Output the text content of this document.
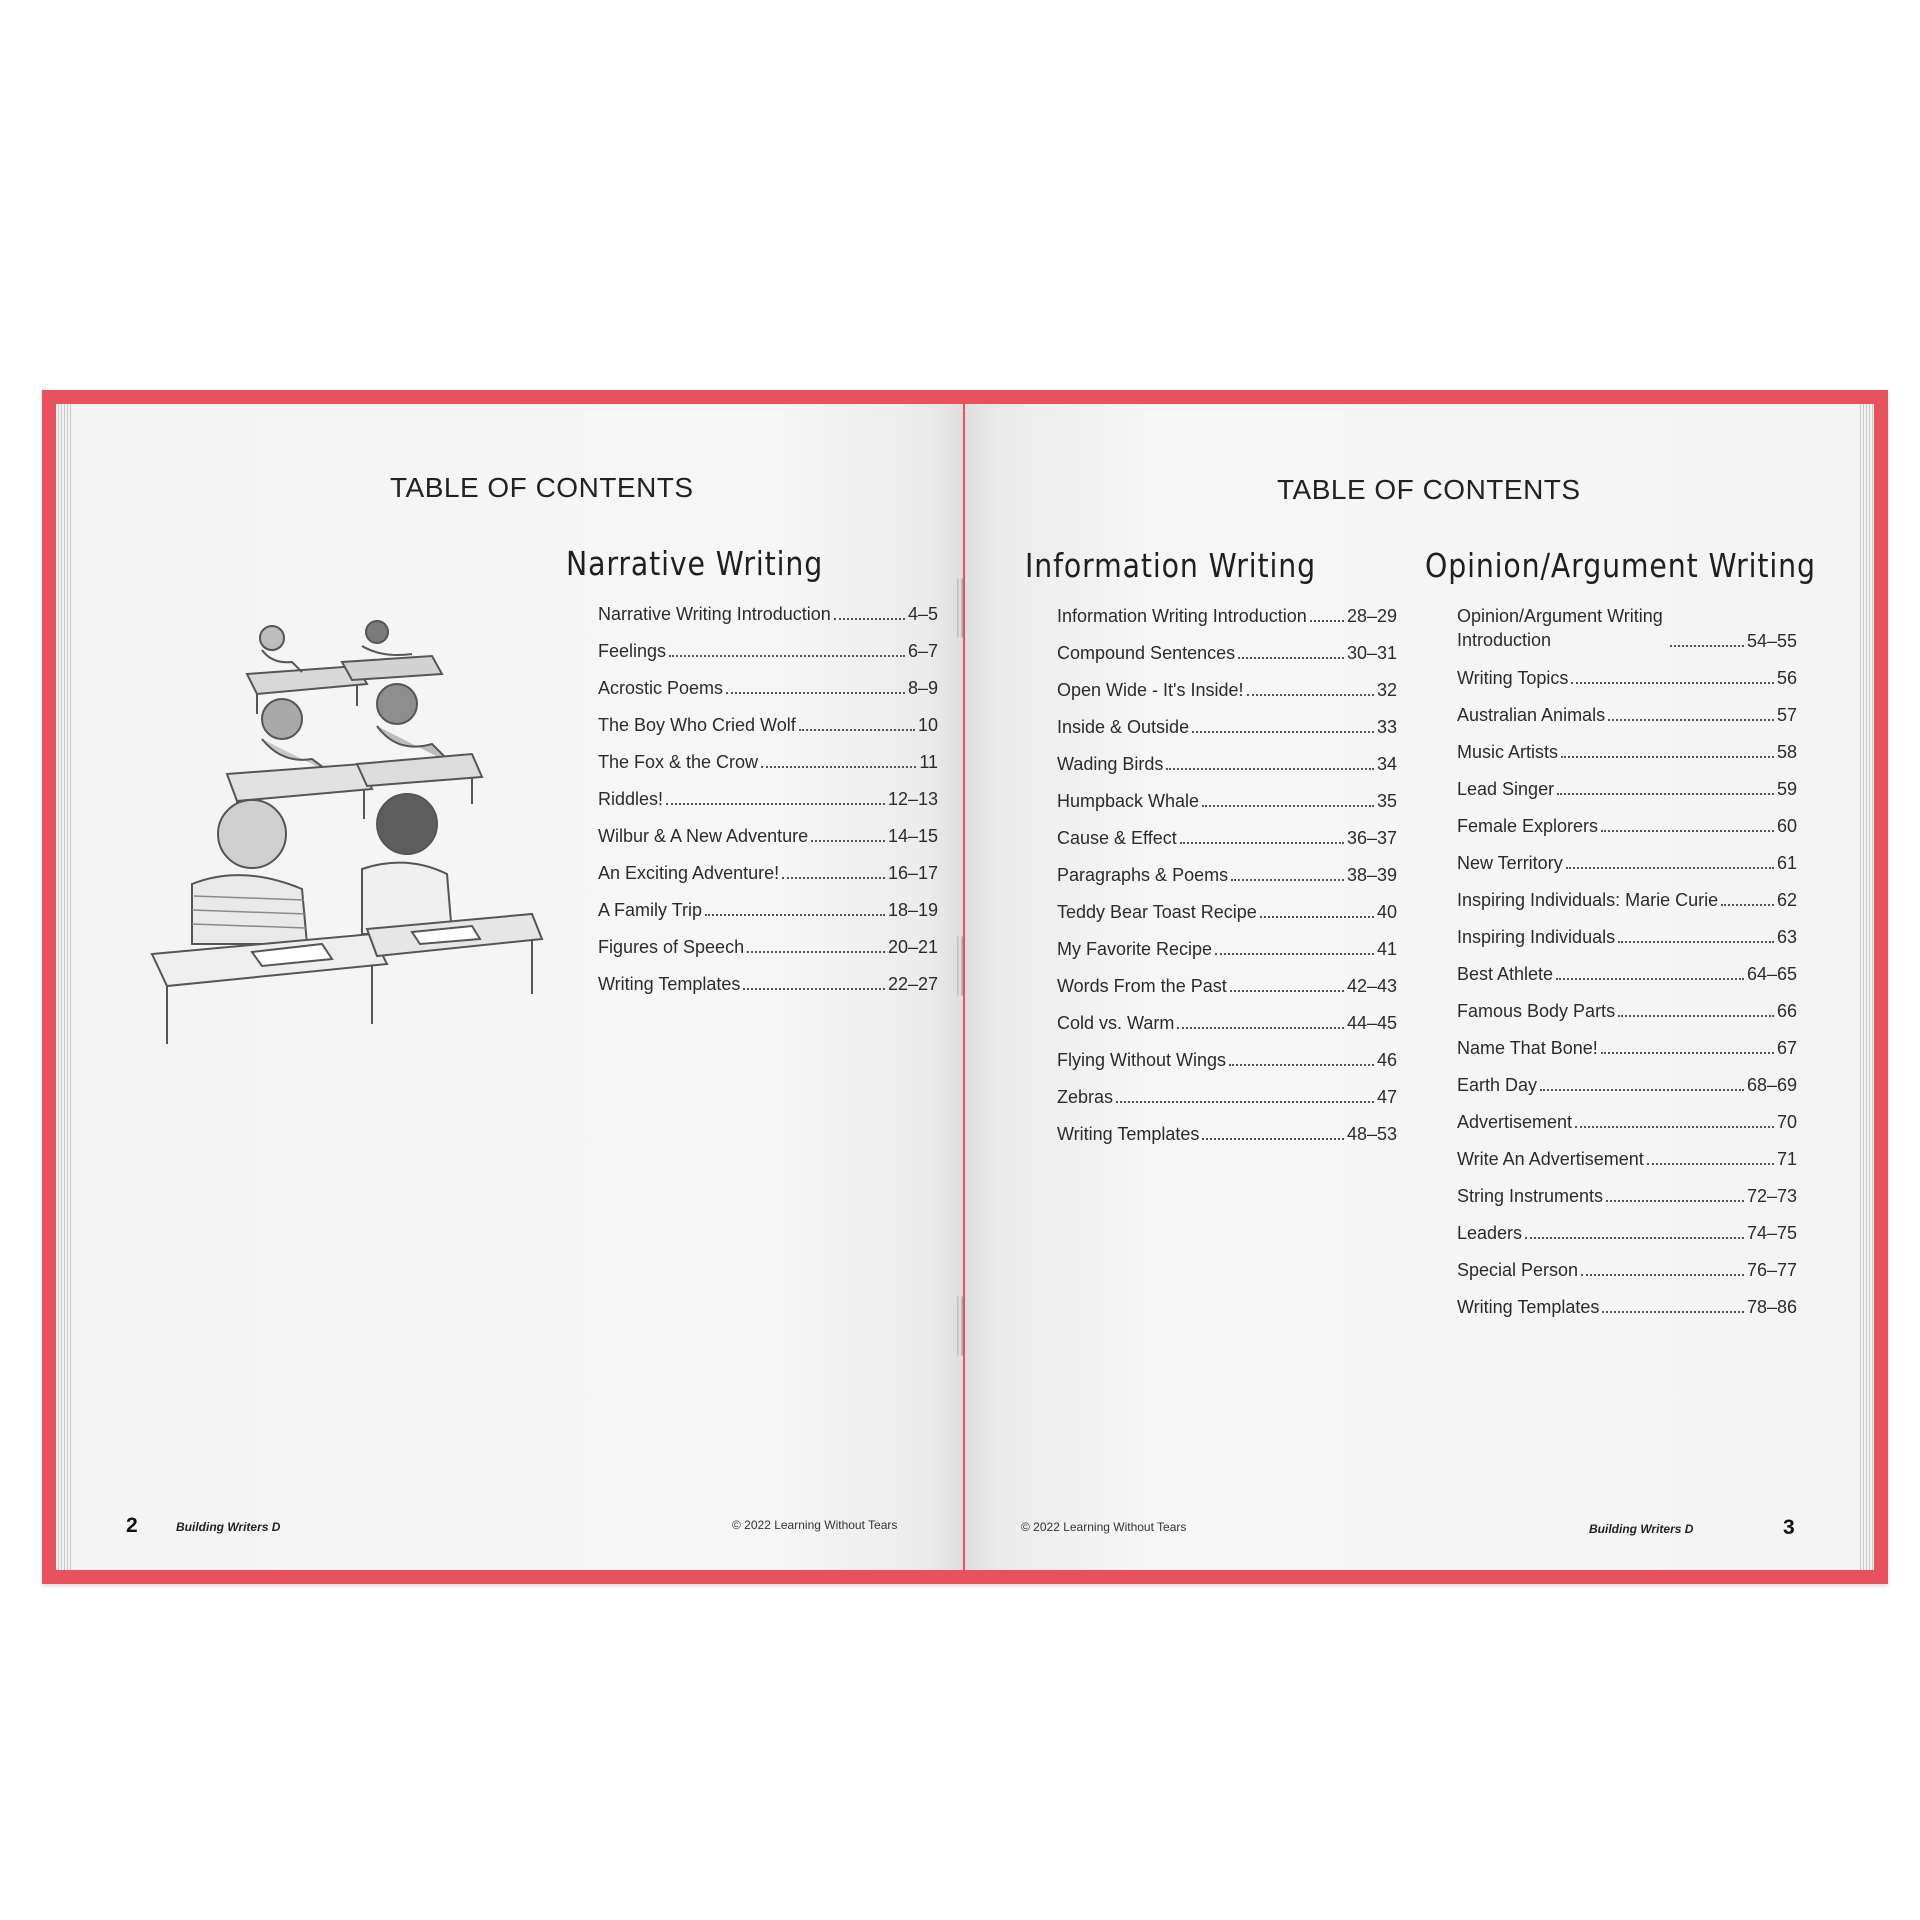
TABLE OF CONTENTS
Narrative Writing
Narrative Writing Introduction	4–5
Feelings	6–7
Acrostic Poems	8–9
The Boy Who Cried Wolf	10
The Fox & the Crow	11
Riddles!	12–13
Wilbur & A New Adventure	14–15
An Exciting Adventure!	16–17
A Family Trip	18–19
Figures of Speech	20–21
Writing Templates	22–27
2	Building Writers D	© 2022 Learning Without Tears
TABLE OF CONTENTS
Information Writing
Information Writing Introduction 28–29
Compound Sentences	30–31
Open Wide - It's Inside!	32
Inside & Outside	33
Wading Birds	34
Humpback Whale	35
Cause & Effect	36–37
Paragraphs & Poems	38–39
Teddy Bear Toast Recipe	40
My Favorite Recipe	41
Words From the Past	42–43
Cold vs. Warm	44–45
Flying Without Wings	46
Zebras	47
Writing Templates	48–53
Opinion/Argument Writing
Opinion/Argument Writing Introduction	54–55
Writing Topics	56
Australian Animals	57
Music Artists	58
Lead Singer	59
Female Explorers	60
New Territory	61
Inspiring Individuals: Marie Curie	62
Inspiring Individuals	63
Best Athlete	64–65
Famous Body Parts	66
Name That Bone!	67
Earth Day	68–69
Advertisement	70
Write An Advertisement	71
String Instruments	72–73
Leaders	74–75
Special Person	76–77
Writing Templates	78–86
© 2022 Learning Without Tears	Building Writers D	3
